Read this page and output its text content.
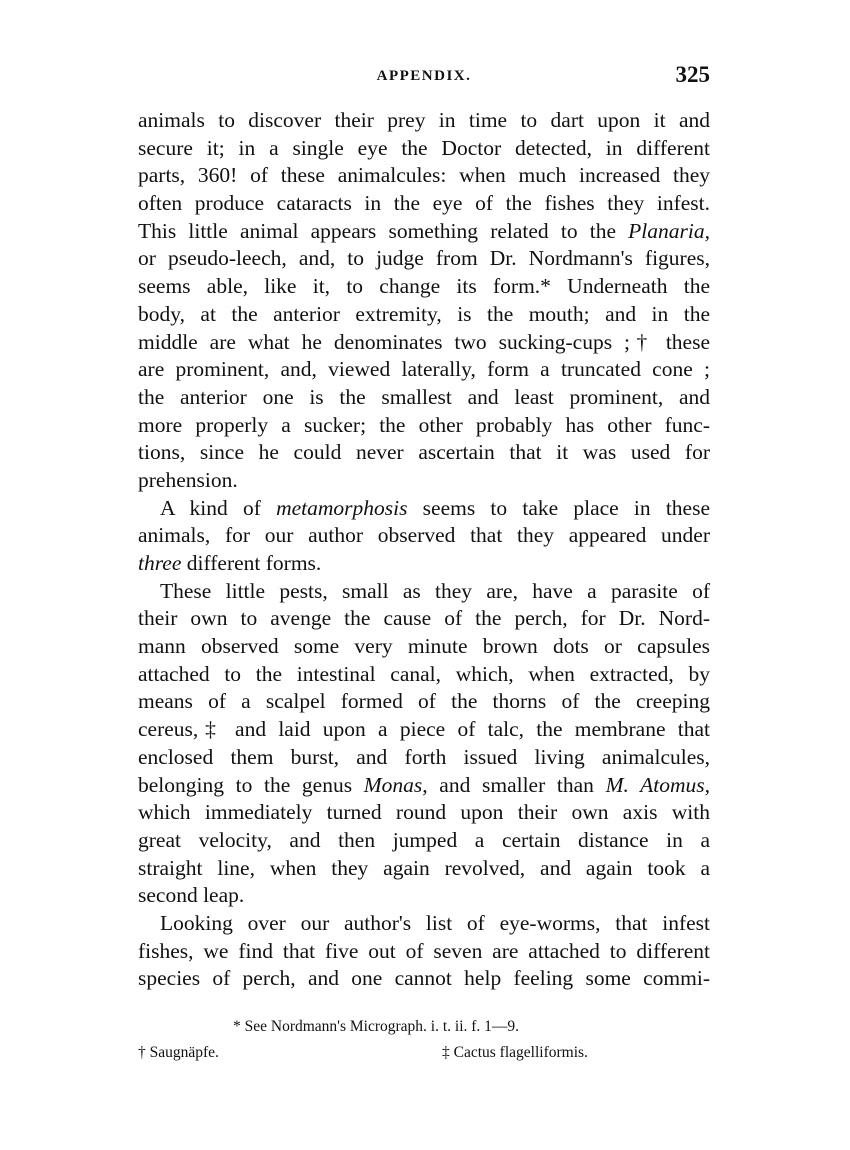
APPENDIX.	325
animals to discover their prey in time to dart upon it and
secure it; in a single eye the Doctor detected, in different
parts, 360! of these animalcules: when much increased they
often produce cataracts in the eye of the fishes they infest.
This little animal appears something related to the Planaria,
or pseudo-leech, and, to judge from Dr. Nordmann's figures,
seems able, like it, to change its form.* Underneath the
body, at the anterior extremity, is the mouth; and in the
middle are what he denominates two sucking-cups ;† these
are prominent, and, viewed laterally, form a truncated cone ;
the anterior one is the smallest and least prominent, and
more properly a sucker; the other probably has other func-
tions, since he could never ascertain that it was used for
prehension.
A kind of metamorphosis seems to take place in these
animals, for our author observed that they appeared under
three different forms.
These little pests, small as they are, have a parasite of
their own to avenge the cause of the perch, for Dr. Nord-
mann observed some very minute brown dots or capsules
attached to the intestinal canal, which, when extracted, by
means of a scalpel formed of the thorns of the creeping
cereus,‡ and laid upon a piece of talc, the membrane that
enclosed them burst, and forth issued living animalcules,
belonging to the genus Monas, and smaller than M. Atomus,
which immediately turned round upon their own axis with
great velocity, and then jumped a certain distance in a
straight line, when they again revolved, and again took a
second leap.
Looking over our author's list of eye-worms, that infest
fishes, we find that five out of seven are attached to different
species of perch, and one cannot help feeling some commi-
* See Nordmann's Micrograph. i. t. ii. f. 1—9.
† Saugnäpfe.	‡ Cactus flagelliformis.
